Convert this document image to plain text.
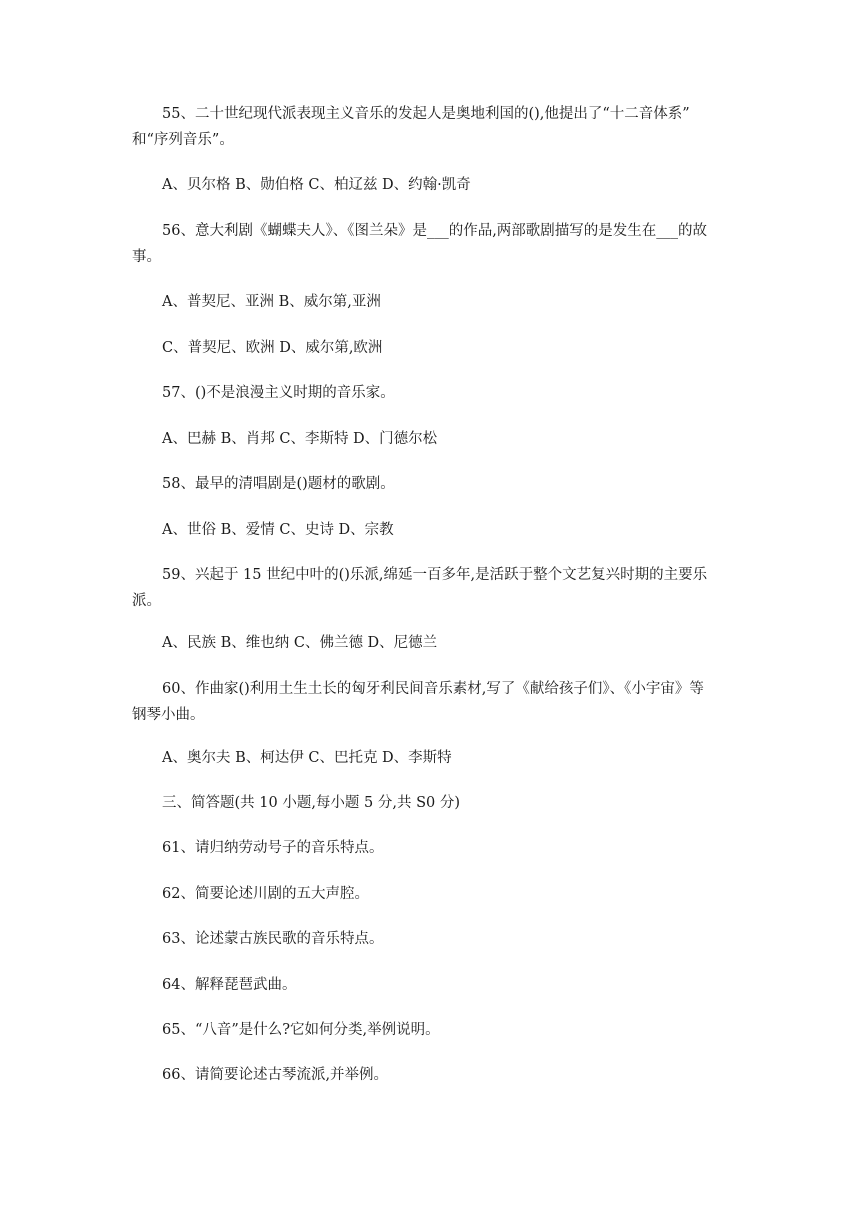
55、二十世纪现代派表现主义音乐的发起人是奥地利国的(),他提出了“十二音体系”

和“序列音乐”。

A、贝尔格 B、勋伯格 C、柏辽兹 D、约翰·凯奇

56、意大利剧《蝴蝶夫人》、《图兰朵》是___的作品,两部歌剧描写的是发生在___的故

事。

A、普契尼、亚洲 B、威尔第,亚洲

C、普契尼、欧洲 D、威尔第,欧洲

57、()不是浪漫主义时期的音乐家。

A、巴赫 B、肖邦 C、李斯特 D、门德尔松

58、最早的清唱剧是()题材的歌剧。

A、世俗 B、爱情 C、史诗 D、宗教

59、兴起于 15 世纪中叶的()乐派,绵延一百多年,是活跃于整个文艺复兴时期的主要乐

派。

A、民族 B、维也纳 C、佛兰德 D、尼德兰

60、作曲家()利用土生土长的匈牙利民间音乐素材,写了《献给孩子们》、《小宇宙》等

钢琴小曲。

A、奥尔夫 B、柯达伊 C、巴托克 D、李斯特

三、简答题(共 10 小题,每小题 5 分,共 S0 分)

61、请归纳劳动号子的音乐特点。

62、简要论述川剧的五大声腔。

63、论述蒙古族民歌的音乐特点。

64、解释琵琶武曲。

65、“八音”是什么?它如何分类,举例说明。

66、请简要论述古琴流派,并举例。
